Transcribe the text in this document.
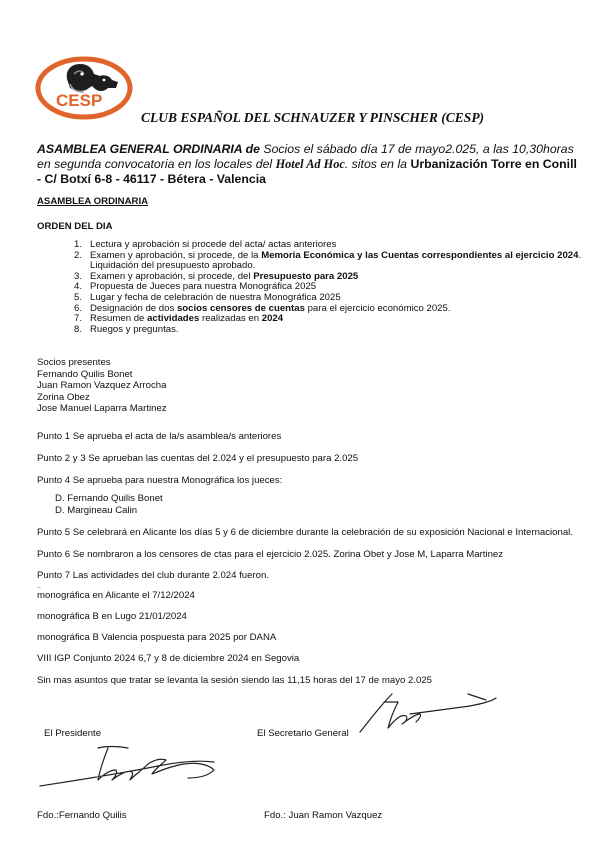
CESP
CLUB ESPAÑOL DEL SCHNAUZER Y PINSCHER (CESP)
ASAMBLEA GENERAL ORDINARIA de Socios el sábado día 17 de mayo2.025, a las 10,30horas en segunda convocatoria en los locales del Hotel Ad Hoc. sitos en la Urbanización Torre en Conill - C/ Botxí 6-8 - 46117 - Bétera - Valencia
ASAMBLEA ORDINARIA
ORDEN DEL DIA
1. Lectura y aprobación si procede del acta/ actas anteriores
2. Examen y aprobación, si procede, de la Memoria Económica y las Cuentas correspondientes al ejercicio 2024. Liquidación del presupuesto aprobado.
3. Examen y aprobación, si procede, del Presupuesto para 2025
4. Propuesta de Jueces para nuestra Monográfica 2025
5. Lugar y fecha de celebración de nuestra Monográfica 2025
6. Designación de dos socios censores de cuentas para el ejercicio económico 2025.
7. Resumen de actividades realizadas en 2024
8. Ruegos y preguntas.
Socios presentes
Fernando Quilis Bonet
Juan Ramon Vazquez Arrocha
Zorina Obez
Jose Manuel Laparra Martinez
Punto 1 Se aprueba el acta de la/s asamblea/s anteriores
Punto 2 y 3 Se aprueban las cuentas del 2.024 y el presupuesto para 2.025
Punto 4 Se aprueba para nuestra Monográfica los jueces:
D. Fernando Quilis Bonet
D. Margineau Calin
Punto 5 Se celebrará en Alicante los días 5 y 6 de diciembre durante la celebración de su exposición Nacional e Internacional.
Punto 6 Se nombraron a los censores de ctas para el ejercicio 2.025. Zorina Obet y Jose M, Laparra Martinez
Punto 7 Las actividades del club durante 2.024 fueron.
..
monográfica en Alicante el 7/12/2024
monográfica B en Lugo 21/01/2024
monográfica B Valencia pospuesta para 2025 por DANA
VIII IGP Conjunto 2024 6,7 y 8 de diciembre 2024 en Segovia
Sin mas asuntos que tratar se levanta la sesión siendo las 11,15 horas del 17 de mayo 2.025
El Presidente	El Secretario General
Fdo.:Fernando Quilis	Fdo.: Juan Ramon Vazquez
